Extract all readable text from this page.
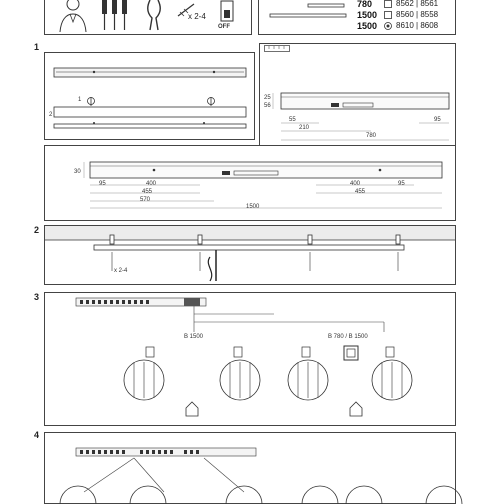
x 2-4
OFF
780	8562 | 8561
1500 8560 | 8558
1500 8610 | 8608
1
1
2
25
56
55	95
210
780
30
95	400	400	95
455	455
570
1500
2
x 2-4
3
B 1500	B 780 / B 1500
4
